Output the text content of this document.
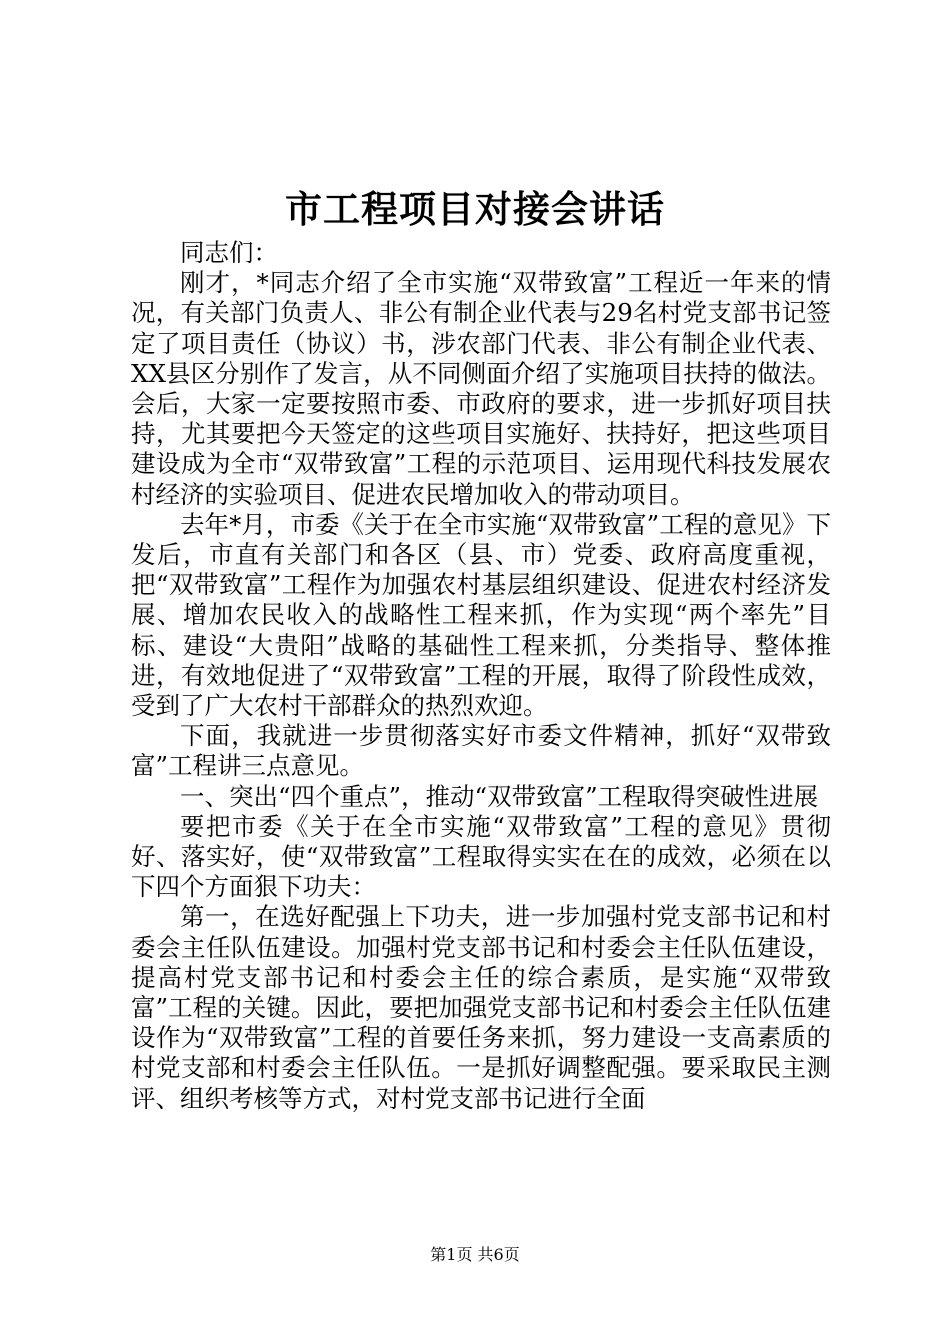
市工程项目对接会讲话

同志们：

刚才，*同志介绍了全市实施“双带致富”工程近一年来的情况，有关部门负责人、非公有制企业代表与29名村党支部书记签定了项目责任（协议）书，涉农部门代表、非公有制企业代表、XX县区分别作了发言，从不同侧面介绍了实施项目扶持的做法。会后，大家一定要按照市委、市政府的要求，进一步抓好项目扶持，尤其要把今天签定的这些项目实施好、扶持好，把这些项目建设成为全市“双带致富”工程的示范项目、运用现代科技发展农村经济的实验项目、促进农民增加收入的带动项目。

去年*月，市委《关于在全市实施“双带致富”工程的意见》下发后，市直有关部门和各区（县、市）党委、政府高度重视，把“双带致富”工程作为加强农村基层组织建设、促进农村经济发展、增加农民收入的战略性工程来抓，作为实现“两个率先”目标、建设“大贵阳”战略的基础性工程来抓，分类指导、整体推进，有效地促进了“双带致富”工程的开展，取得了阶段性成效，受到了广大农村干部群众的热烈欢迎。

下面，我就进一步贯彻落实好市委文件精神，抓好“双带致富”工程讲三点意见。

一、突出“四个重点”，推动“双带致富”工程取得突破性进展

要把市委《关于在全市实施“双带致富”工程的意见》贯彻好、落实好，使“双带致富”工程取得实实在在的成效，必须在以下四个方面狠下功夫：

第一，在选好配强上下功夫，进一步加强村党支部书记和村委会主任队伍建设。加强村党支部书记和村委会主任队伍建设，提高村党支部书记和村委会主任的综合素质，是实施“双带致富”工程的关键。因此，要把加强党支部书记和村委会主任队伍建设作为“双带致富”工程的首要任务来抓，努力建设一支高素质的村党支部和村委会主任队伍。一是抓好调整配强。要采取民主测评、组织考核等方式，对村党支部书记进行全面

第1页 共6页
